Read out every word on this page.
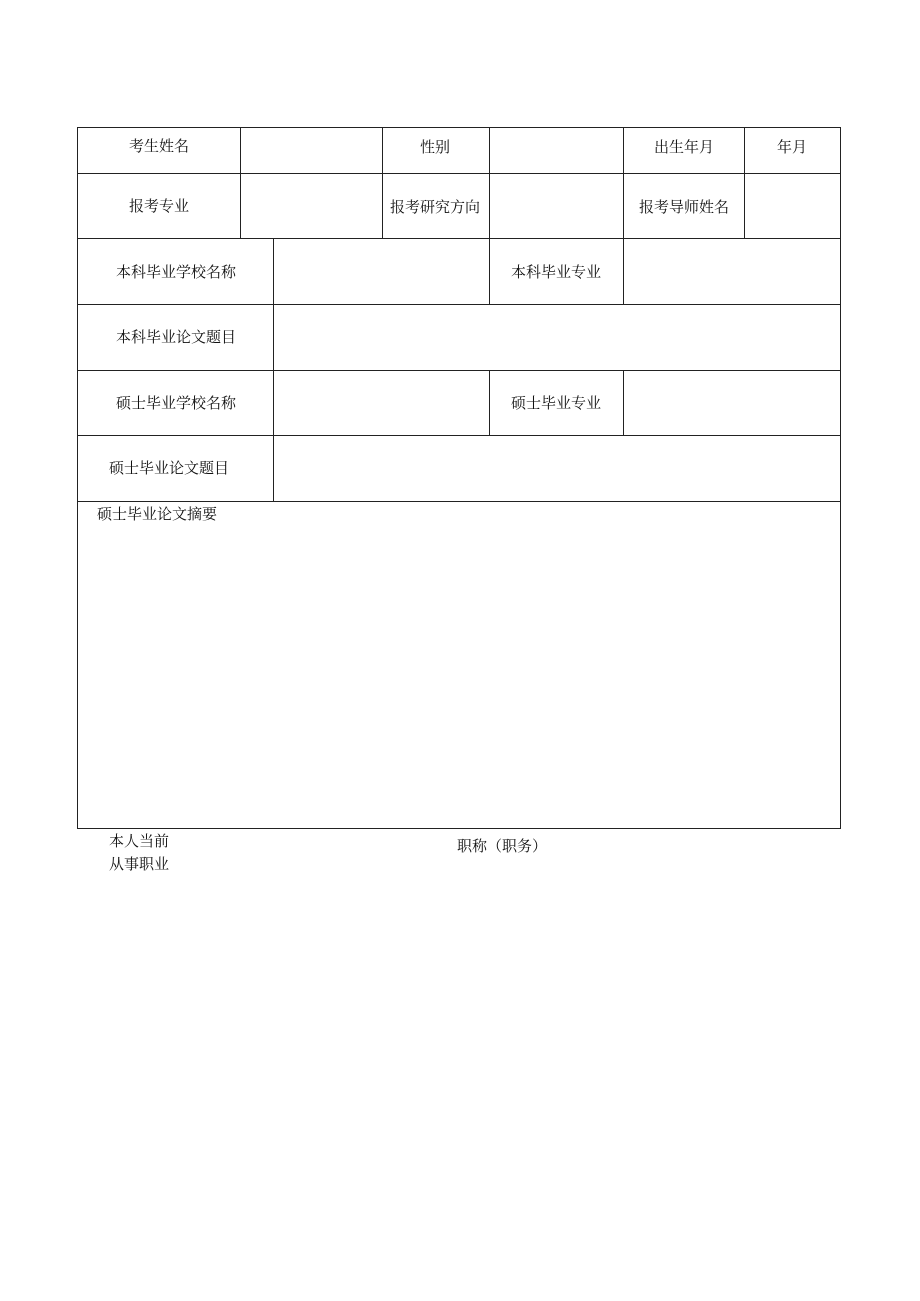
考生姓名	性别	出生年月	年月
报考专业	报考研究方向	报考导师姓名
本科毕业学校名称	本科毕业专业
本科毕业论文题目
硕士毕业学校名称	硕士毕业专业
硕士毕业论文题目
硕士毕业论文摘要
本人当前
从事职业
职称（职务）
